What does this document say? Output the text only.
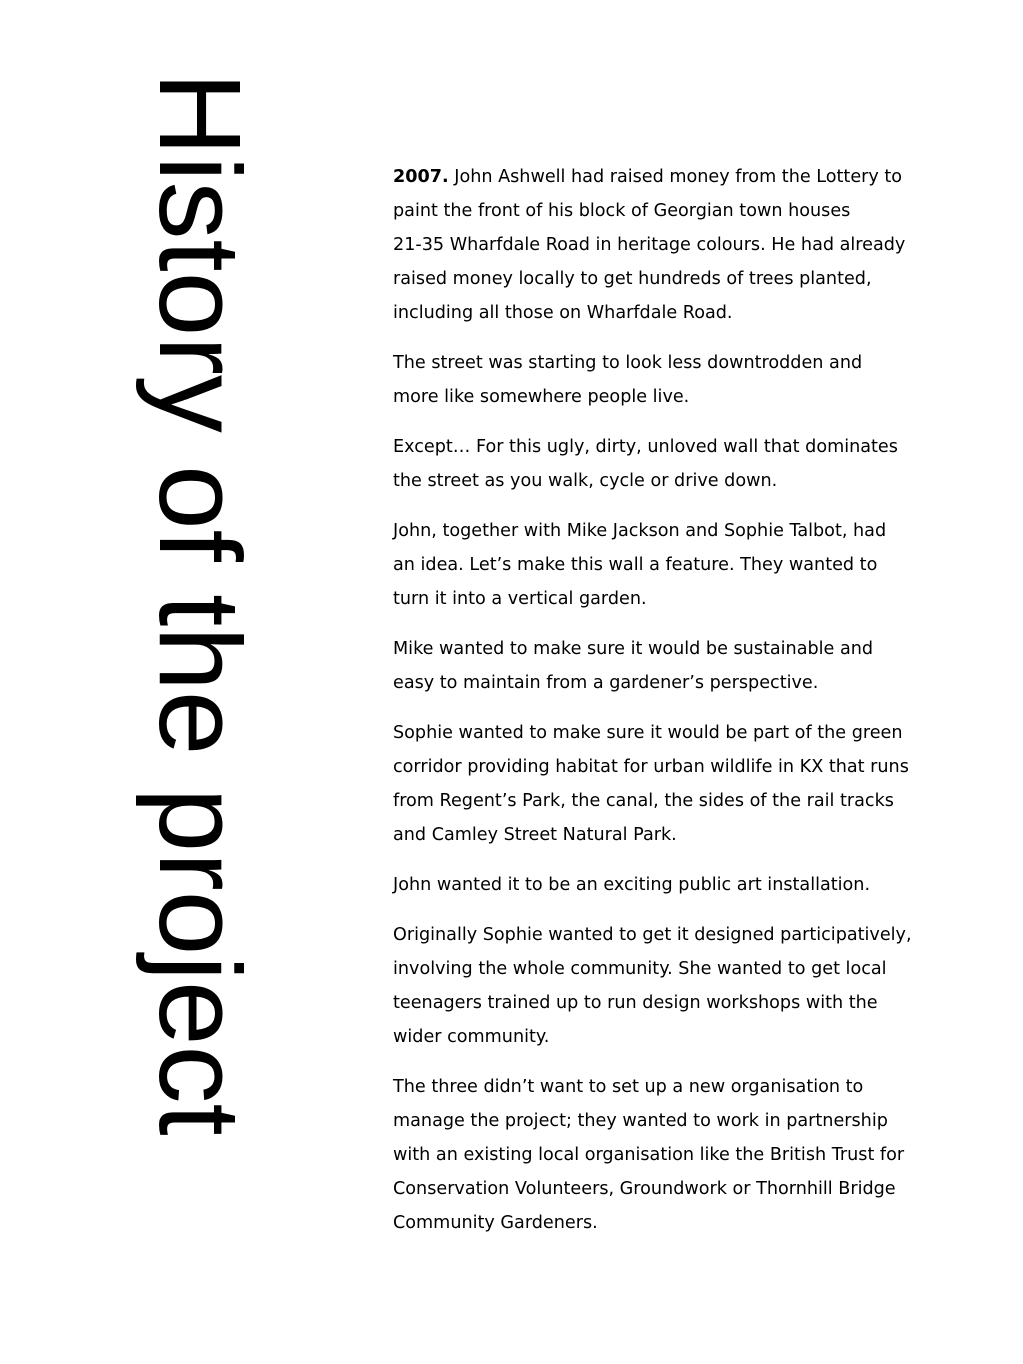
History of the project	2007. John Ashwell had raised money from the Lottery to
paint the front of his block of Georgian town houses
21-35 Wharfdale Road in heritage colours. He had already
raised money locally to get hundreds of trees planted,
including all those on Wharfdale Road.

The street was starting to look less downtrodden and
more like somewhere people live.

Except… For this ugly, dirty, unloved wall that dominates
the street as you walk, cycle or drive down.

John, together with Mike Jackson and Sophie Talbot, had
an idea. Let’s make this wall a feature. They wanted to
turn it into a vertical garden.

Mike wanted to make sure it would be sustainable and
easy to maintain from a gardener’s perspective.

Sophie wanted to make sure it would be part of the green
corridor providing habitat for urban wildlife in KX that runs
from Regent’s Park, the canal, the sides of the rail tracks
and Camley Street Natural Park.

John wanted it to be an exciting public art installation.

Originally Sophie wanted to get it designed participatively,
involving the whole community. She wanted to get local
teenagers trained up to run design workshops with the
wider community.

The three didn’t want to set up a new organisation to
manage the project; they wanted to work in partnership
with an existing local organisation like the British Trust for
Conservation Volunteers, Groundwork or Thornhill Bridge
Community Gardeners.
